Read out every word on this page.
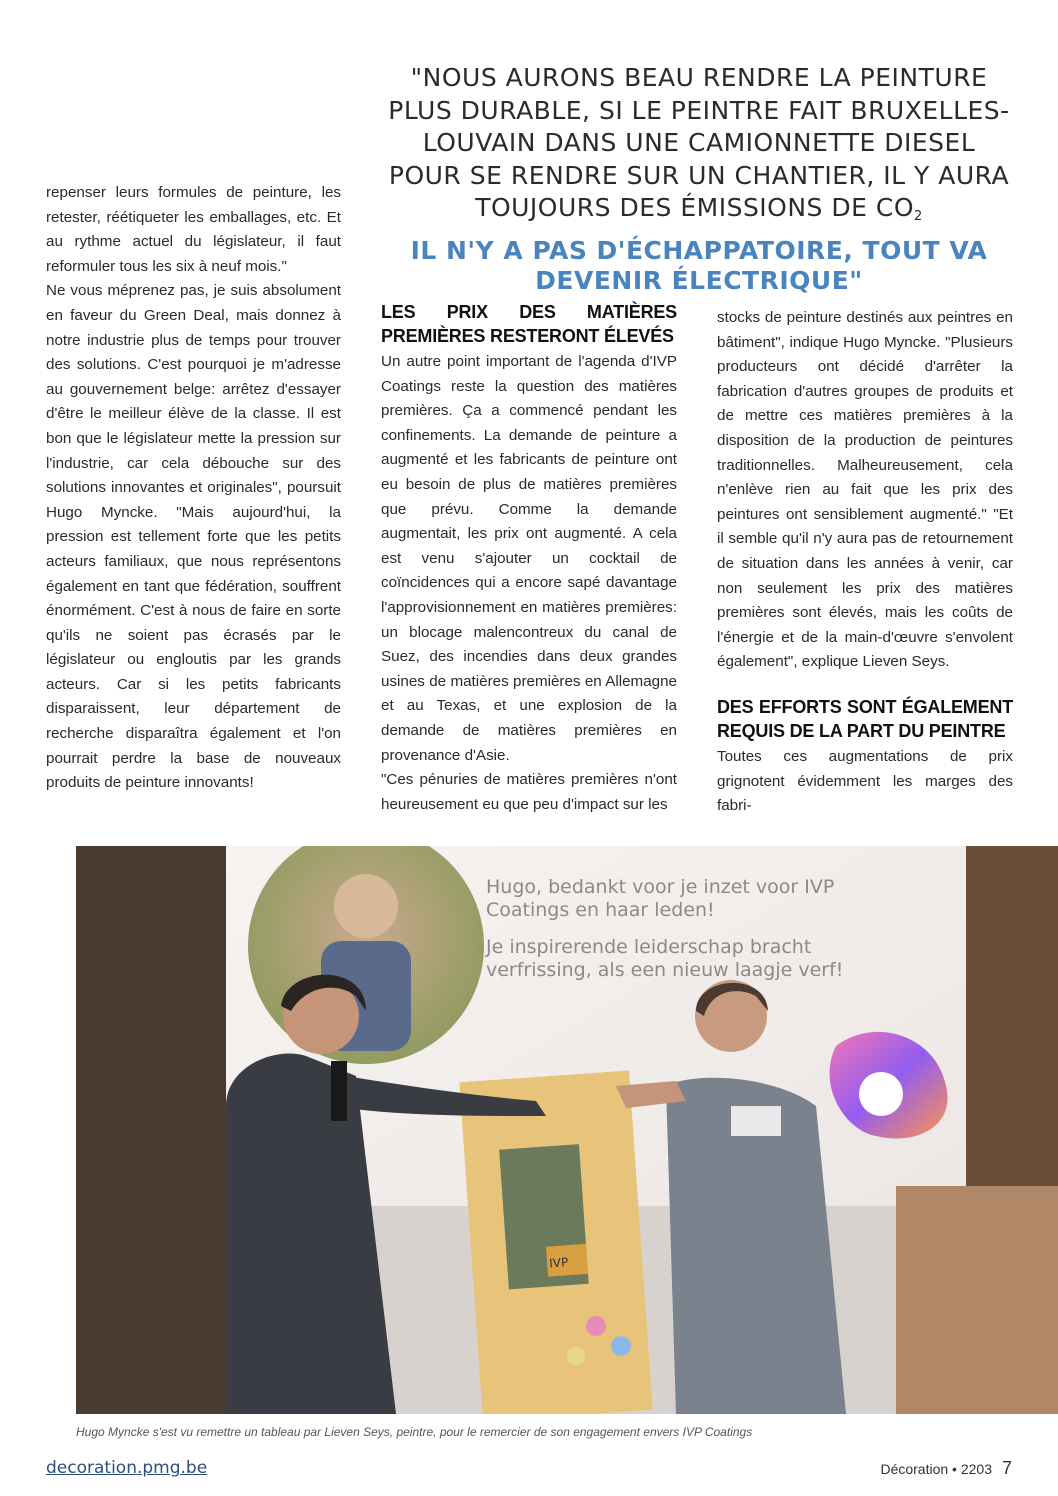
"NOUS AURONS BEAU RENDRE LA PEINTURE PLUS DURABLE, SI LE PEINTRE FAIT BRUXELLES-LOUVAIN DANS UNE CAMIONNETTE DIESEL POUR SE RENDRE SUR UN CHANTIER, IL Y AURA TOUJOURS DES ÉMISSIONS DE $CO_2$

IL N'Y A PAS D'ÉCHAPPATOIRE, TOUT VA DEVENIR ÉLECTRIQUE"

repenser leurs formules de peinture, les retester, réétiqueter les emballages, etc. Et au rythme actuel du législateur, il faut reformuler tous les six à neuf mois."

Ne vous méprenez pas, je suis absolument en faveur du Green Deal, mais donnez à notre industrie plus de temps pour trouver des solutions. C'est pourquoi je m'adresse au gouvernement belge: arrêtez d'essayer d'être le meilleur élève de la classe. Il est bon que le législateur mette la pression sur l'industrie, car cela débouche sur des solutions innovantes et originales", poursuit Hugo Myncke. "Mais aujourd'hui, la pression est tellement forte que les petits acteurs familiaux, que nous représentons également en tant que fédération, souffrent énormément. C'est à nous de faire en sorte qu'ils ne soient pas écrasés par le législateur ou engloutis par les grands acteurs. Car si les petits fabricants disparaissent, leur département de recherche disparaîtra également et l'on pourrait perdre la base de nouveaux produits de peinture innovants!

LES PRIX DES MATIÈRES PREMIÈRES RESTERONT ÉLEVÉS

Un autre point important de l'agenda d'IVP Coatings reste la question des matières premières. Ça a commencé pendant les confinements. La demande de peinture a augmenté et les fabricants de peinture ont eu besoin de plus de matières premières que prévu. Comme la demande augmentait, les prix ont augmenté. A cela est venu s'ajouter un cocktail de coïncidences qui a encore sapé davantage l'approvisionnement en matières premières: un blocage malencontreux du canal de Suez, des incendies dans deux grandes usines de matières premières en Allemagne et au Texas, et une explosion de la demande de matières premières en provenance d'Asie.

"Ces pénuries de matières premières n'ont heureusement eu que peu d'impact sur les

stocks de peinture destinés aux peintres en bâtiment", indique Hugo Myncke. "Plusieurs producteurs ont décidé d'arrêter la fabrication d'autres groupes de produits et de mettre ces matières premières à la disposition de la production de peintures traditionnelles. Malheureusement, cela n'enlève rien au fait que les prix des peintures ont sensiblement augmenté." "Et il semble qu'il n'y aura pas de retournement de situation dans les années à venir, car non seulement les prix des matières premières sont élevés, mais les coûts de l'énergie et de la main-d'œuvre s'envolent également", explique Lieven Seys.

DES EFFORTS SONT ÉGALEMENT REQUIS DE LA PART DU PEINTRE

Toutes ces augmentations de prix grignotent évidemment les marges des fabri-

IVP
Hugo, bedankt voor je inzet voor IVP Coatings en haar leden!
Je inspirerende leiderschap bracht verfrissing, als een nieuw laagje verf!
Hugo Myncke s'est vu remettre un tableau par Lieven Seys, peintre, pour le remercier de son engagement envers IVP Coatings
decoration.pmg.be	Décoration • 2203 7
